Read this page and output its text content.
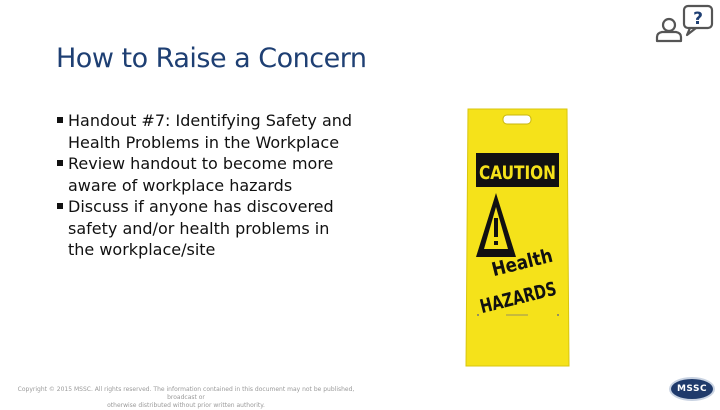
?
How to Raise a Concern
Handout #7: Identifying Safety and Health Problems in the Workplace
Review handout to become more aware of workplace hazards
Discuss if anyone has discovered safety and/or health problems in the workplace/site
CAUTION
Health
HAZARDS
Copyright © 2015 MSSC. All rights reserved. The information contained in this document may not be published, broadcast or
otherwise distributed without prior written authority.
MSSC
